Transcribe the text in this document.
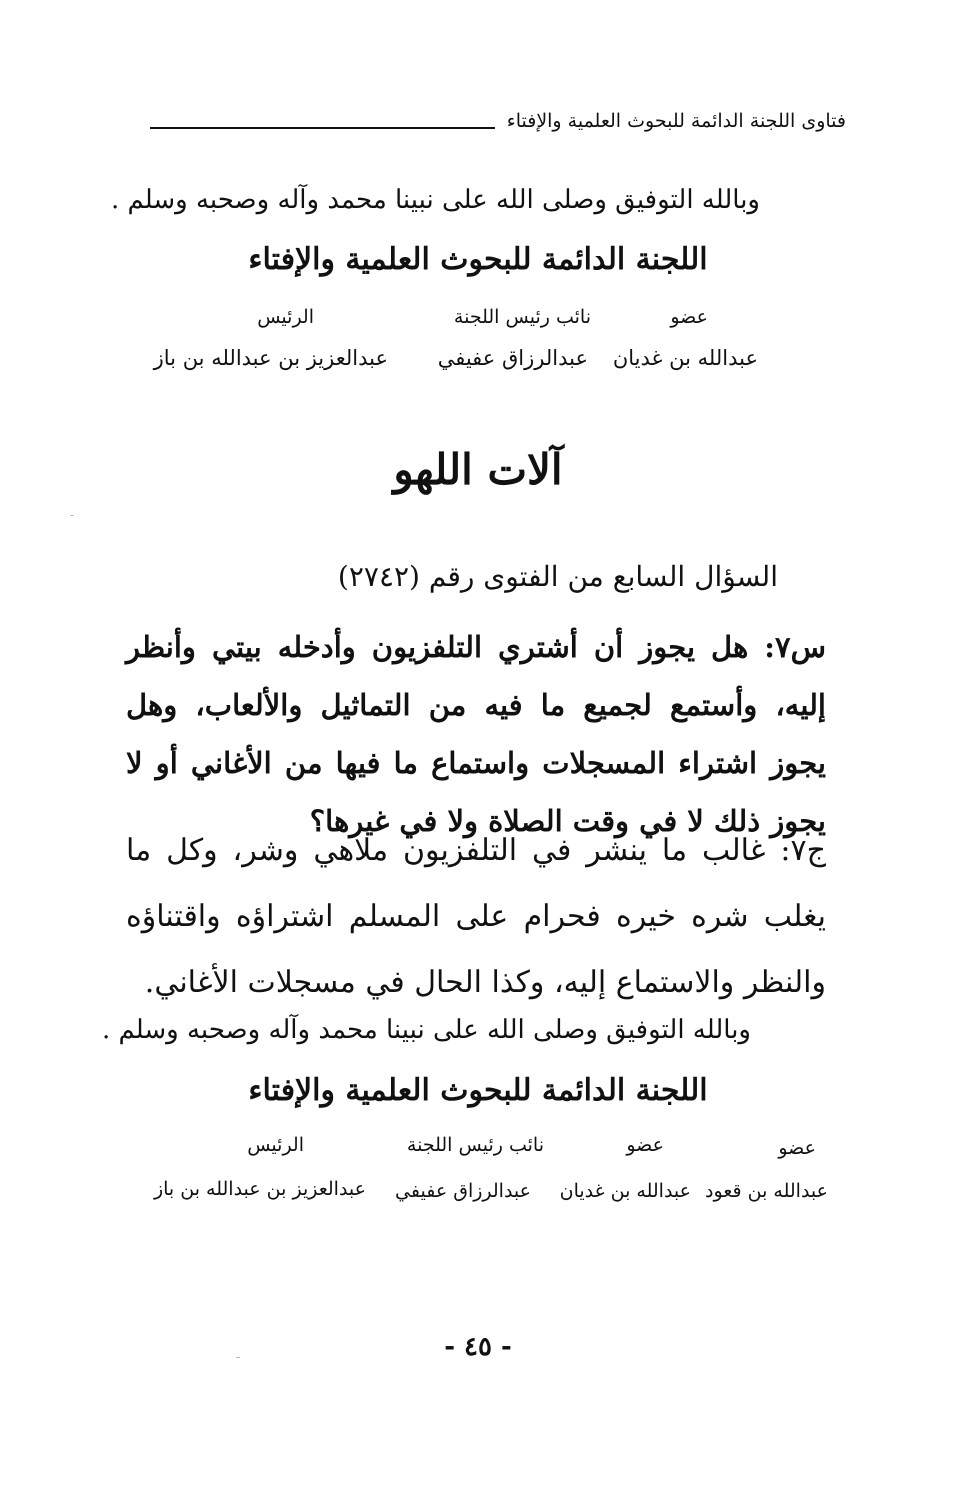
فتاوى اللجنة الدائمة للبحوث العلمية والإفتاء
وبالله التوفيق وصلى الله على نبينا محمد وآله وصحبه وسلم .
اللجنة الدائمة للبحوث العلمية والإفتاء
عضو
نائب رئيس اللجنة
الرئيس
عبدالله بن غديان
عبدالرزاق عفيفي
عبدالعزيز بن عبدالله بن باز
آلات اللهو
السؤال السابع من الفتوى رقم (٢٧٤٢)
س٧: هل يجوز أن أشتري التلفزيون وأدخله بيتي وأنظر إليه، وأستمع لجميع ما فيه من التماثيل والألعاب، وهل يجوز اشتراء المسجلات واستماع ما فيها من الأغاني أو لا يجوز ذلك لا في وقت الصلاة ولا في غيرها؟
ج٧: غالب ما ينشر في التلفزيون ملاهي وشر، وكل ما يغلب شره خيره فحرام على المسلم اشتراؤه واقتناؤه والنظر والاستماع إليه، وكذا الحال في مسجلات الأغاني.
وبالله التوفيق وصلى الله على نبينا محمد وآله وصحبه وسلم .
اللجنة الدائمة للبحوث العلمية والإفتاء
عضو
عضو
نائب رئيس اللجنة
الرئيس
عبدالله بن قعود
عبدالله بن غديان
عبدالرزاق عفيفي
عبدالعزيز بن عبدالله بن باز
- ٤٥ -
